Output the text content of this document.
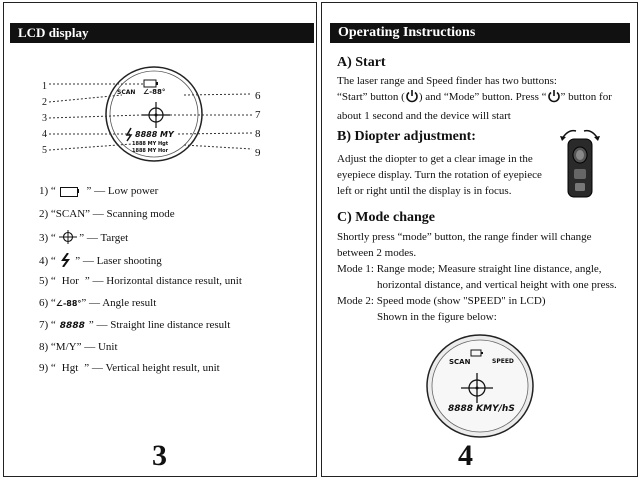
LCD display
1
2
3
4
5
6
7
8
9
SCAN ∠-88°
8888 MY
1888 MY Hgt
1888 MY Hor
1) “	” — Low power
2) “SCAN” — Scanning mode
3) “ ” — Target
4) “ ” — Laser shooting
5) “ Hor ” — Horizontal distance result, unit
6) “∠-88°” — Angle result
7) “ 8888 ” — Straight line distance result
8) “M/Y” — Unit
9) “ Hgt ” — Vertical height result, unit
3
Operating Instructions
A) Start
The laser range and Speed finder has two buttons:
“Start” button ( ) and “Mode” button. Press “ ” button for
about 1 second and the device will start
B) Diopter adjustment:
Adjust the diopter to get a clear image in the
eyepiece display. Turn the rotation of eyepiece
left or right until the display is in focus.
C) Mode change
Shortly press “mode” button, the range finder will change
between 2 modes.
Mode 1: Range mode; Measure straight line distance, angle,
horizontal distance, and vertical height with one press.
Mode 2: Speed mode (show "SPEED" in LCD)
Shown in the figure below:
SCAN	SPEED
8888 KMY/hS
4
